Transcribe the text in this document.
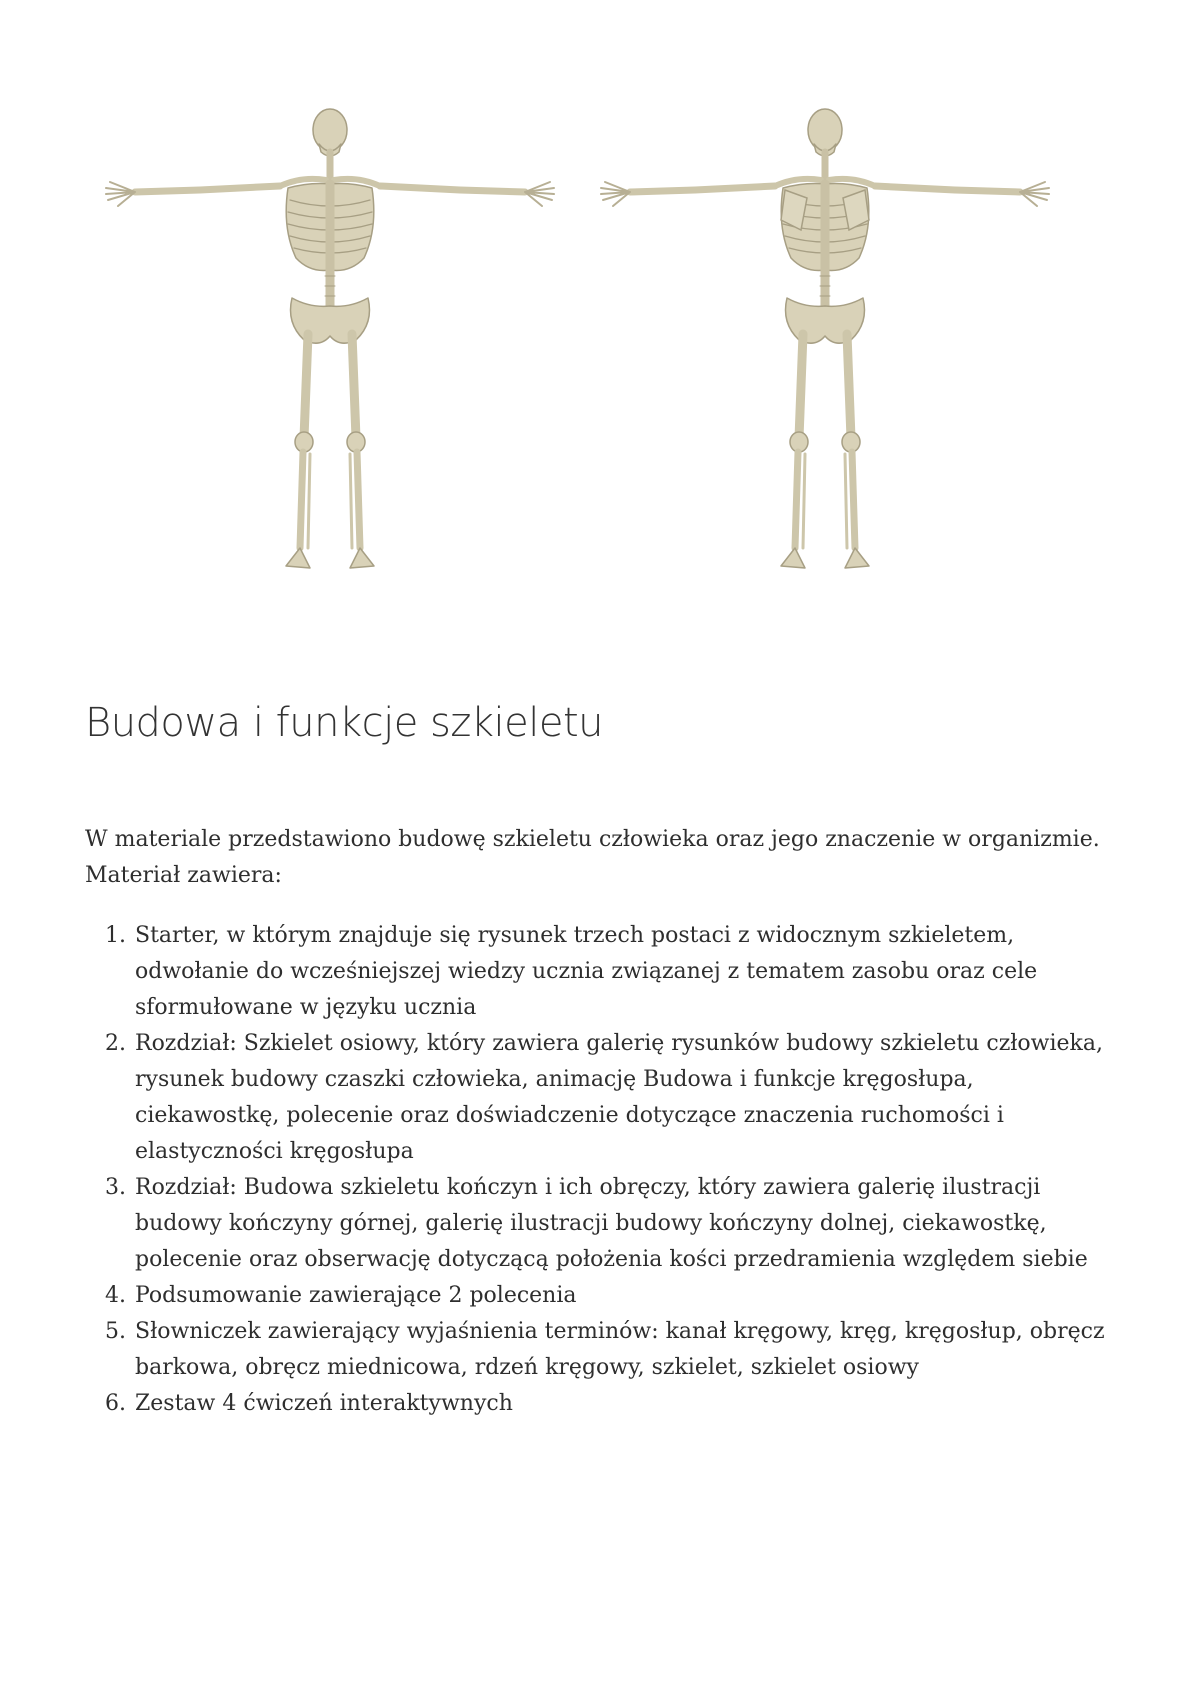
Budowa i funkcje szkieletu

W materiale przedstawiono budowę szkieletu człowieka oraz jego znaczenie w organizmie.
Materiał zawiera:

1. Starter, w którym znajduje się rysunek trzech postaci z widocznym szkieletem, odwołanie do wcześniejszej wiedzy ucznia związanej z tematem zasobu oraz cele sformułowane w języku ucznia
2. Rozdział: Szkielet osiowy, który zawiera galerię rysunków budowy szkieletu człowieka, rysunek budowy czaszki człowieka, animację Budowa i funkcje kręgosłupa, ciekawostkę, polecenie oraz doświadczenie dotyczące znaczenia ruchomości i elastyczności kręgosłupa
3. Rozdział: Budowa szkieletu kończyn i ich obręczy, który zawiera galerię ilustracji budowy kończyny górnej, galerię ilustracji budowy kończyny dolnej, ciekawostkę, polecenie oraz obserwację dotyczącą położenia kości przedramienia względem siebie
4. Podsumowanie zawierające 2 polecenia
5. Słowniczek zawierający wyjaśnienia terminów: kanał kręgowy, kręg, kręgosłup, obręcz barkowa, obręcz miednicowa, rdzeń kręgowy, szkielet, szkielet osiowy
6. Zestaw 4 ćwiczeń interaktywnych
